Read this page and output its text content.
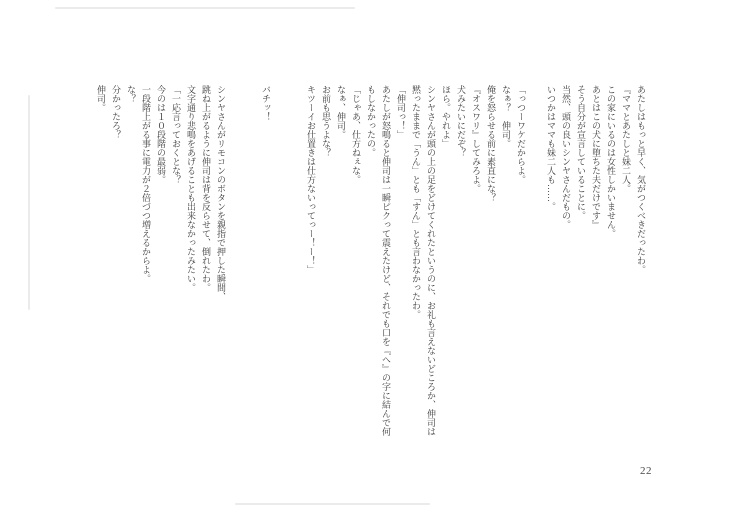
あたしはもっと早く、気がつくべきだったわ。
『ママとあたしと妹二人。
この家にいるのは女性しかいません。
あとはこの犬に堕ちた夫だけです』
そう自分が宣言していることに。
当然、頭の良いシンヤさんだもの。
いつかはママも妹二人も……。

「っつーワケだからよ。
なぁ？　伸司。
俺を怒らせる前に素直にな？
『オスワリ』してみろよ。
犬みたいにだぞ？
ほら。やれよ」
シンヤさんが頭の上の足をどけてくれたというのに、お礼も言えないどころか、伸司は
黙ったままで「うん」とも「すん」とも言わなかったわ。
「伸司っ！」
あたしが怒鳴ると伸司は一瞬ピクって震えたけど、それでも口を『へ』の字に結んで何
もしなかったの。
「じゃあ、仕方ねぇな。
なぁ、伸司。
お前も思うよな？
キツーイお仕置きは仕方ないってっー！ー！」

バチッ！

シンヤさんがリモコンのボタンを親指で押した瞬間、
跳ね上がるように伸司は背を反らせて、倒れたわ。
文字通り悲鳴をあげることも出来なかったみたい。
「一応言っておくとな？
今のは１０段階の最弱。
一段階上がる事に電力が２倍づつ増えるからよ。
な？
分かったろ？
伸司。
22
